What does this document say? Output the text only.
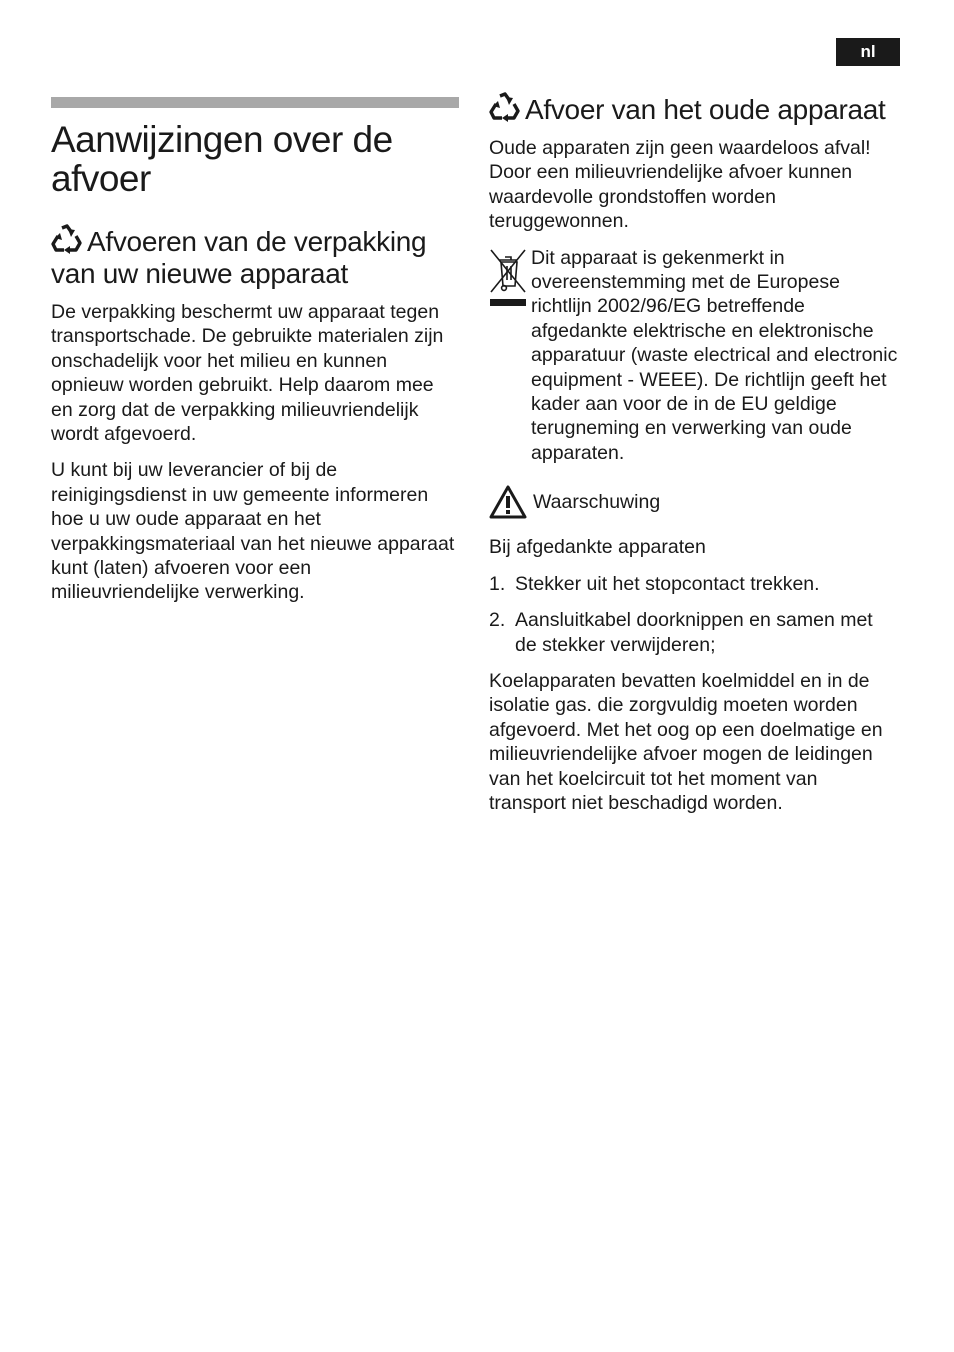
nl
Aanwijzingen over de afvoer
Afvoeren van de verpakking van uw nieuwe apparaat

De verpakking beschermt uw apparaat tegen transportschade. De gebruikte materialen zijn onschadelijk voor het milieu en kunnen opnieuw worden gebruikt. Help daarom mee en zorg dat de verpakking milieuvriendelijk wordt afgevoerd.

U kunt bij uw leverancier of bij de reinigingsdienst in uw gemeente informeren hoe u uw oude apparaat en het verpakkingsmateriaal van het nieuwe apparaat kunt (laten) afvoeren voor een milieuvriendelijke verwerking.

Afvoer van het oude apparaat

Oude apparaten zijn geen waardeloos afval! Door een milieuvriendelijke afvoer kunnen waardevolle grondstoffen worden teruggewonnen.

Dit apparaat is gekenmerkt in overeenstemming met de Europese richtlijn 2002/96/EG betreffende afgedankte elektrische en elektronische apparatuur (waste electrical and electronic equipment - WEEE). De richtlijn geeft het kader aan voor de in de EU geldige terugneming en verwerking van oude apparaten.

Waarschuwing

Bij afgedankte apparaten

1. Stekker uit het stopcontact trekken.
2. Aansluitkabel doorknippen en samen met de stekker verwijderen;

Koelapparaten bevatten koelmiddel en in de isolatie gas. die zorgvuldig moeten worden afgevoerd. Met het oog op een doelmatige en milieuvriendelijke afvoer mogen de leidingen van het koelcircuit tot het moment van transport niet beschadigd worden.
